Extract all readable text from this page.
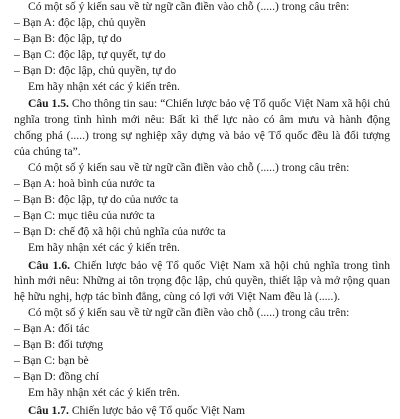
Có một số ý kiến sau về từ ngữ cần điền vào chỗ (.....) trong câu trên:
– Bạn A: độc lập, chủ quyền
– Bạn B: độc lập, tự do
– Bạn C: độc lập, tự quyết, tự do
– Bạn D: độc lập, chủ quyền, tự do
Em hãy nhận xét các ý kiến trên.

Câu 1.5. Cho thông tin sau: “Chiến lược bảo vệ Tổ quốc Việt Nam xã hội chủ nghĩa trong tình hình mới nêu: Bất kì thế lực nào có âm mưu và hành động chống phá (.....) trong sự nghiệp xây dựng và bảo vệ Tổ quốc đều là đối tượng của chúng ta”.

Có một số ý kiến sau về từ ngữ cần điền vào chỗ (.....) trong câu trên:
– Bạn A: hoà bình của nước ta
– Bạn B: độc lập, tự do của nước ta
– Bạn C: mục tiêu của nước ta
– Bạn D: chế độ xã hội chủ nghĩa của nước ta
Em hãy nhận xét các ý kiến trên.

Câu 1.6. Chiến lược bảo vệ Tổ quốc Việt Nam xã hội chủ nghĩa trong tình hình mới nêu: Những ai tôn trọng độc lập, chủ quyền, thiết lập và mở rộng quan hệ hữu nghị, hợp tác bình đẳng, cùng có lợi với Việt Nam đều là (.....).

Có một số ý kiến sau về từ ngữ cần điền vào chỗ (.....) trong câu trên:
– Bạn A: đối tác
– Bạn B: đối tượng
– Bạn C: bạn bè
– Bạn D: đồng chí
Em hãy nhận xét các ý kiến trên.
Câu 1.7. Chiến lược bảo vệ Tổ quốc Việt Nam
